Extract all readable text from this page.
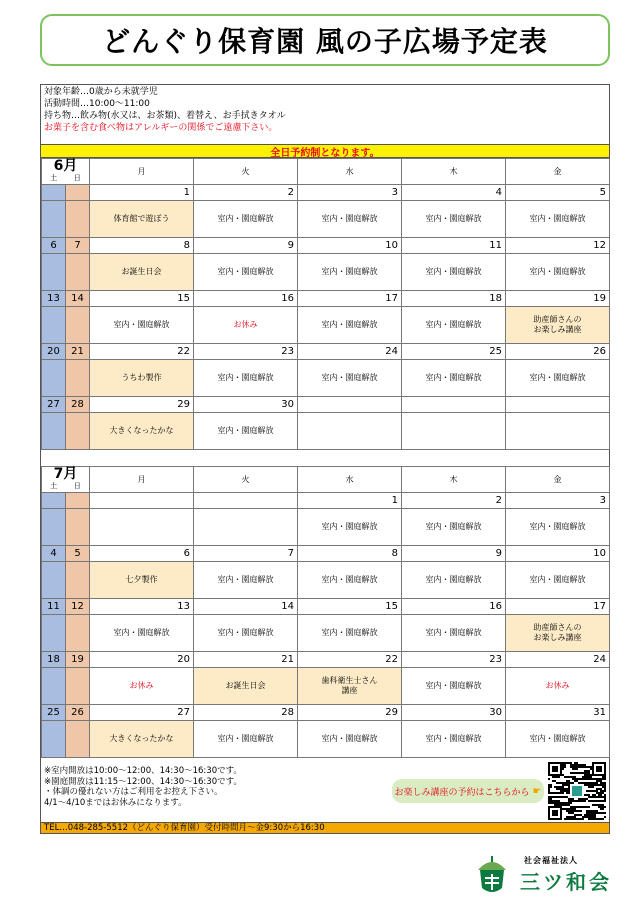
どんぐり保育園 風の子広場予定表
対象年齢…0歳から未就学児
活動時間…10:00～11:00
持ち物…飲み物(水又は、お茶類)、着替え、お手拭きタオル
お菓子を含む食べ物はアレルギーの関係でご遠慮下さい。
全日予約制となります。
6月
土 日		月	火	水	木	金
		1	2	3	4	5

		体育館で遊ぼう	室内・園庭解放	室内・園庭解放	室内・園庭解放	室内・園庭解放

6	7	8	9	10	11	12

		お誕生日会	室内・園庭解放	室内・園庭解放	室内・園庭解放	室内・園庭解放

13	14	15	16	17	18	19

		室内・園庭解放	お休み	室内・園庭解放	室内・園庭解放	助産師さんの
お楽しみ講座

20	21	22	23	24	25	26

		うちわ製作	室内・園庭解放	室内・園庭解放	室内・園庭解放	室内・園庭解放

27	28	29	30			

		大きくなったかな	室内・園庭解放			

7月
土 日		月	火	水	木	金
				1	2	3

				室内・園庭解放	室内・園庭解放	室内・園庭解放

4	5	6	7	8	9	10

		七夕製作	室内・園庭解放	室内・園庭解放	室内・園庭解放	室内・園庭解放

11	12	13	14	15	16	17

		室内・園庭解放	室内・園庭解放	室内・園庭解放	室内・園庭解放	助産師さんの
お楽しみ講座

18	19	20	21	22	23	24

		お休み	お誕生日会	歯科衛生士さん
講座	室内・園庭解放	お休み

25	26	27	28	29	30	31

		大きくなったかな	室内・園庭解放	室内・園庭解放	室内・園庭解放	室内・園庭解放
※室内開放は10:00～12:00、14:30～16:30です。
※園庭開放は11:15～12:00、14:30～16:30です。
・体調の優れない方はご利用をお控え下さい。
4/1～4/10まではお休みになります。
お楽しみ講座の予約はこちらから ☛
TEL…048-285-5512（どんぐり保育園）受付時間月～金9:30から16:30
社会福祉法人
三ツ和会
